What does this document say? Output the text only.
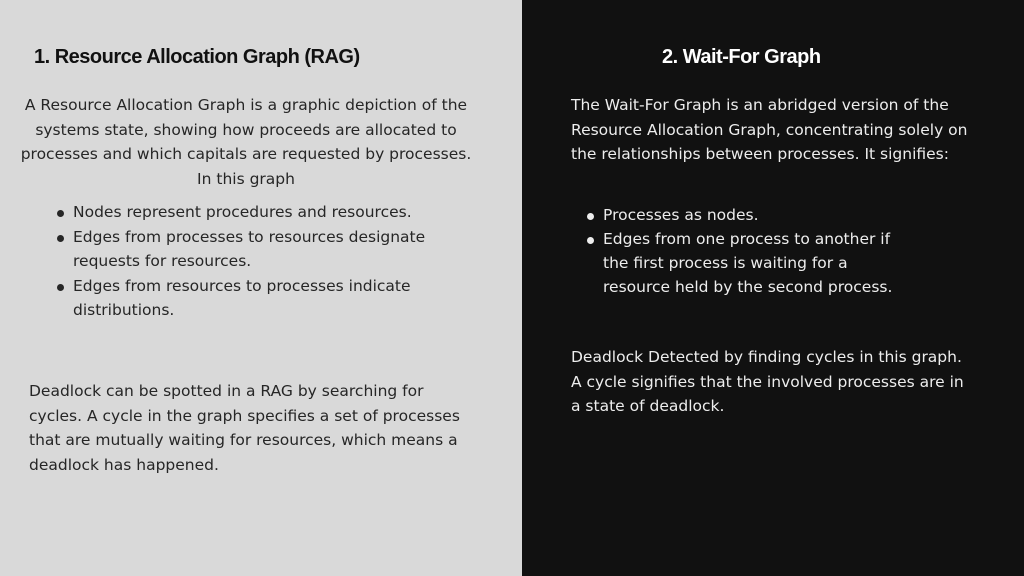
1. Resource Allocation Graph (RAG)

A Resource Allocation Graph is a graphic depiction of the systems state, showing how proceeds are allocated to processes and which capitals are requested by processes. In this graph

Nodes represent procedures and resources.
Edges from processes to resources designate requests for resources.
Edges from resources to processes indicate distributions.

Deadlock can be spotted in a RAG by searching for cycles. A cycle in the graph specifies a set of processes that are mutually waiting for resources, which means a deadlock has happened.

2. Wait-For Graph

The Wait-For Graph is an abridged version of the Resource Allocation Graph, concentrating solely on the relationships between processes. It signifies:

Processes as nodes.
Edges from one process to another if the first process is waiting for a resource held by the second process.

Deadlock Detected by finding cycles in this graph. A cycle signifies that the involved processes are in a state of deadlock.
